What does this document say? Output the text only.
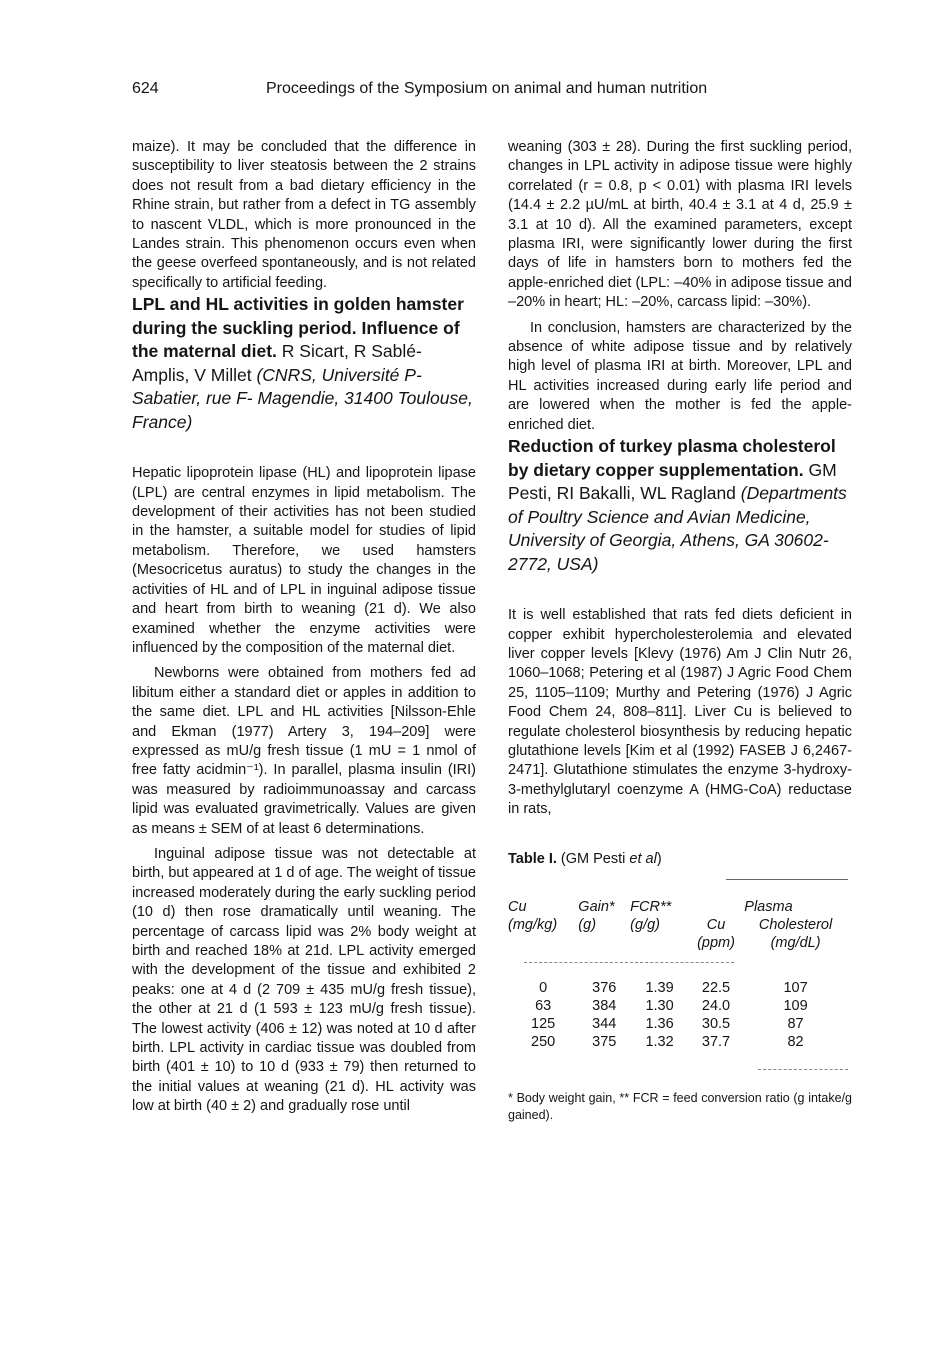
624	Proceedings of the Symposium on animal and human nutrition

maize). It may be concluded that the difference in susceptibility to liver steatosis between the 2 strains does not result from a bad dietary efficiency in the Rhine strain, but rather from a defect in TG assembly to nascent VLDL, which is more pronounced in the Landes strain. This phenomenon occurs even when the geese overfeed spontaneously, and is not related specifically to artificial feeding.

LPL and HL activities in golden hamster during the suckling period. Influence of the maternal diet. R Sicart, R Sablé-Amplis, V Millet (CNRS, Université P-Sabatier, rue F- Magendie, 31400 Toulouse, France)

Hepatic lipoprotein lipase (HL) and lipoprotein lipase (LPL) are central enzymes in lipid metabolism. The development of their activities has not been studied in the hamster, a suitable model for studies of lipid metabolism. Therefore, we used hamsters (Mesocricetus auratus) to study the changes in the activities of HL and of LPL in inguinal adipose tissue and heart from birth to weaning (21 d). We also examined whether the enzyme activities were influenced by the composition of the maternal diet.

Newborns were obtained from mothers fed ad libitum either a standard diet or apples in addition to the same diet. LPL and HL activities [Nilsson-Ehle and Ekman (1977) Artery 3, 194–209] were expressed as mU/g fresh tissue (1 mU = 1 nmol of free fatty acidmin⁻¹). In parallel, plasma insulin (IRI) was measured by radioimmunoassay and carcass lipid was evaluated gravimetrically. Values are given as means ± SEM of at least 6 determinations.

Inguinal adipose tissue was not detectable at birth, but appeared at 1 d of age. The weight of tissue increased moderately during the early suckling period (10 d) then rose dramatically until weaning. The percentage of carcass lipid was 2% body weight at birth and reached 18% at 21d. LPL activity emerged with the development of the tissue and exhibited 2 peaks: one at 4 d (2 709 ± 435 mU/g fresh tissue), the other at 21 d (1 593 ± 123 mU/g fresh tissue). The lowest activity (406 ± 12) was noted at 10 d after birth. LPL activity in cardiac tissue was doubled from birth (401 ± 10) to 10 d (933 ± 79) then returned to the initial values at weaning (21 d). HL activity was low at birth (40 ± 2) and gradually rose until

weaning (303 ± 28). During the first suckling period, changes in LPL activity in adipose tissue were highly correlated (r = 0.8, p < 0.01) with plasma IRI levels (14.4 ± 2.2 µU/mL at birth, 40.4 ± 3.1 at 4 d, 25.9 ± 3.1 at 10 d). All the examined parameters, except plasma IRI, were significantly lower during the first days of life in hamsters born to mothers fed the apple-enriched diet (LPL: –40% in adipose tissue and –20% in heart; HL: –20%, carcass lipid: –30%).

In conclusion, hamsters are characterized by the absence of white adipose tissue and by relatively high level of plasma IRI at birth. Moreover, LPL and HL activities increased during early life period and are lowered when the mother is fed the apple-enriched diet.

Reduction of turkey plasma cholesterol by dietary copper supplementation. GM Pesti, RI Bakalli, WL Ragland (Departments of Poultry Science and Avian Medicine, University of Georgia, Athens, GA 30602-2772, USA)

It is well established that rats fed diets deficient in copper exhibit hypercholesterolemia and elevated liver copper levels [Klevy (1976) Am J Clin Nutr 26, 1060–1068; Petering et al (1987) J Agric Food Chem 25, 1105–1109; Murthy and Petering (1976) J Agric Food Chem 24, 808–811]. Liver Cu is believed to regulate cholesterol biosynthesis by reducing hepatic glutathione levels [Kim et al (1992) FASEB J 6,2467-2471]. Glutathione stimulates the enzyme 3-hydroxy-3-methylglutaryl coenzyme A (HMG-CoA) reductase in rats,

Table I. (GM Pesti et al)
Cu	Gain*	FCR**	Plasma	
(mg/kg)	(g)	(g/g)	Cu	Cholesterol
			(ppm)	(mg/dL)

0	376	1.39	22.5	107
63	384	1.30	24.0	109
125	344	1.36	30.5	87
250	375	1.32	37.7	82

* Body weight gain, ** FCR = feed conversion ratio (g intake/g gained).
